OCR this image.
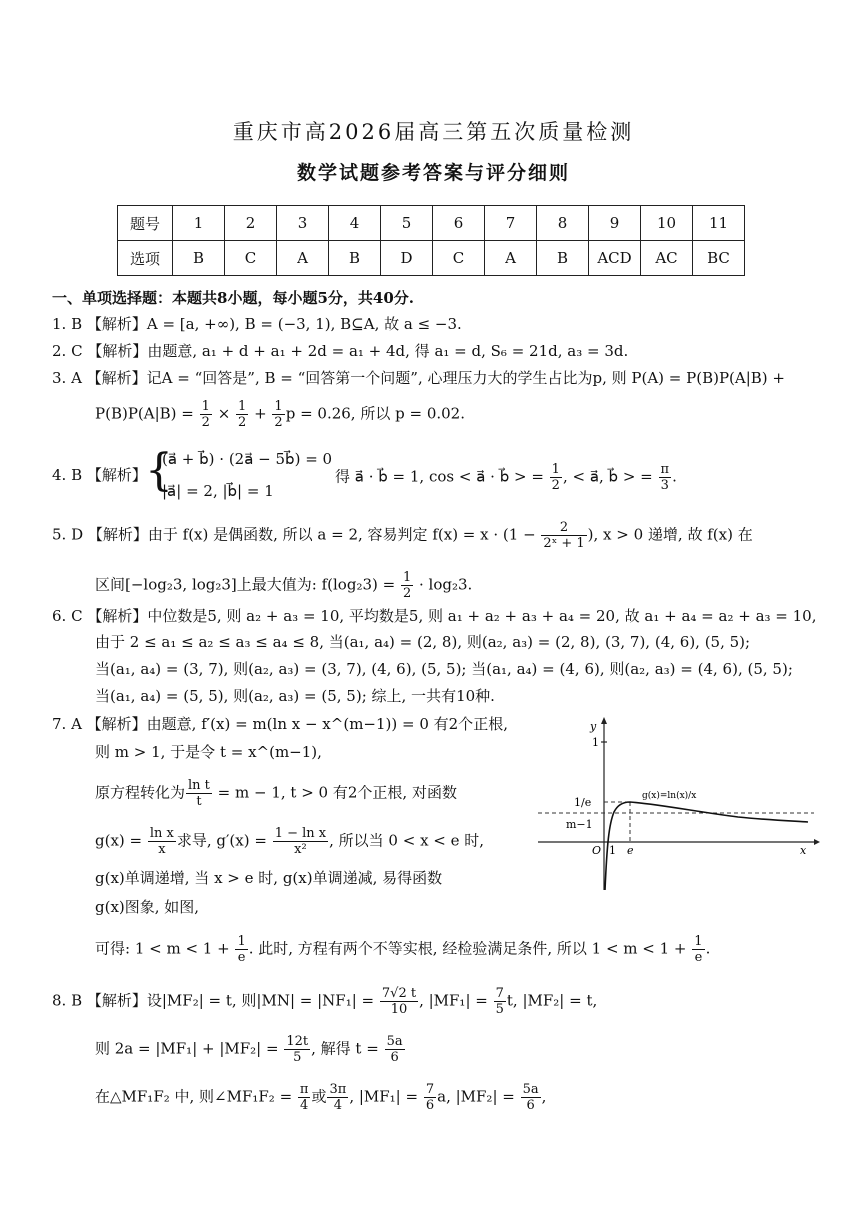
重庆市高2026届高三第五次质量检测
数学试题参考答案与评分细则
题号	1	2	3	4	5	6	7	8	9	10	11
选项	B	C	A	B	D	C	A	B	ACD	AC	BC
一、单项选择题：本题共8小题，每小题5分，共40分.
1. B 【解析】A = [a, +∞), B = (−3, 1), B⊆A, 故 a ≤ −3.
2. C 【解析】由题意, a₁ + d + a₁ + 2d = a₁ + 4d, 得 a₁ = d, S₆ = 21d, a₃ = 3d.
3. A 【解析】记A = “回答是”, B = “回答第一个问题”, 心理压力大的学生占比为p, 则 P(A) = P(B)P(A|B) +
$P(B)P(A|B) = \frac{1}{2} \times \frac{1}{2} + \frac{1}{2}$ p = 0.26, 所以 p = 0.02.
4. B 【解析】
{
(a⃗ + b⃗) · (2a⃗ − 5b⃗) = 0
|a⃗| = 2, |b⃗| = 1
得 a⃗ · b⃗ = 1, cos < a⃗ · b⃗ > = $\frac{1}{2}$ , < a⃗, b⃗ > = $\frac{\pi}{3}$ .
5. D 【解析】由于 f(x) 是偶函数, 所以 a = 2, 容易判定 $f(x) = x \cdot (1 - \frac{2}{\text{2ˣ + 1}}$ ), x > 0 递增, 故 f(x) 在
区间[−log₂3, log₂3]上最大值为: $f(\log_23) = \frac{1}{2} \cdot \log_23$.
6. C 【解析】中位数是5, 则 a₂ + a₃ = 10, 平均数是5, 则 a₁ + a₂ + a₃ + a₄ = 20, 故 a₁ + a₄ = a₂ + a₃ = 10,
由于 2 ≤ a₁ ≤ a₂ ≤ a₃ ≤ a₄ ≤ 8, 当(a₁, a₄) = (2, 8), 则(a₂, a₃) = (2, 8), (3, 7), (4, 6), (5, 5);
当(a₁, a₄) = (3, 7), 则(a₂, a₃) = (3, 7), (4, 6), (5, 5); 当(a₁, a₄) = (4, 6), 则(a₂, a₃) = (4, 6), (5, 5);
当(a₁, a₄) = (5, 5), 则(a₂, a₃) = (5, 5); 综上, 一共有10种.
7. A 【解析】由题意, f′(x) = m(ln x − x^(m−1)) = 0 有2个正根,
则 m > 1, 于是令 t = x^(m−1),
原方程转化为 $\frac{\text{ln t}}{t} = m - 1$, t > 0 有2个正根, 对函数
$g(x) = \frac{\text{ln x}}{x}$ 求导, $g'(x) = \frac{\text{1 − ln x}}{\text{x²}}$ , 所以当 0 < x < e 时,
g(x)单调递增, 当 x > e 时, g(x)单调递减, 易得函数
g(x)图象, 如图,
可得: $1 < m < 1 + \frac{1}{e}$ . 此时, 方程有两个不等实根, 经检验满足条件, 所以 $1 < m < 1 + \frac{1}{e}$ .
y
x
1
1/e
m−1
O 1 e
g(x)=ln(x)/x
8. B 【解析】设|MF₂| = t, 则$|MN| = |NF_1| = \frac{7√2 t}{10}$ , $|MF_1| = \frac{7}{5} t$, |MF₂| = t,
则 $2a = |MF_1| + |MF_2| = \frac{12t}{5}$ , 解得 $t = \frac{5a}{6}$
在△MF₁F₂ 中, 则∠MF₁F₂ = $\frac{\pi}{4}$ 或 $\frac{3\pi}{4}$ , $|MF_1| = \frac{7}{6} a$, $|MF_2| = \frac{5a}{6}$ ,
